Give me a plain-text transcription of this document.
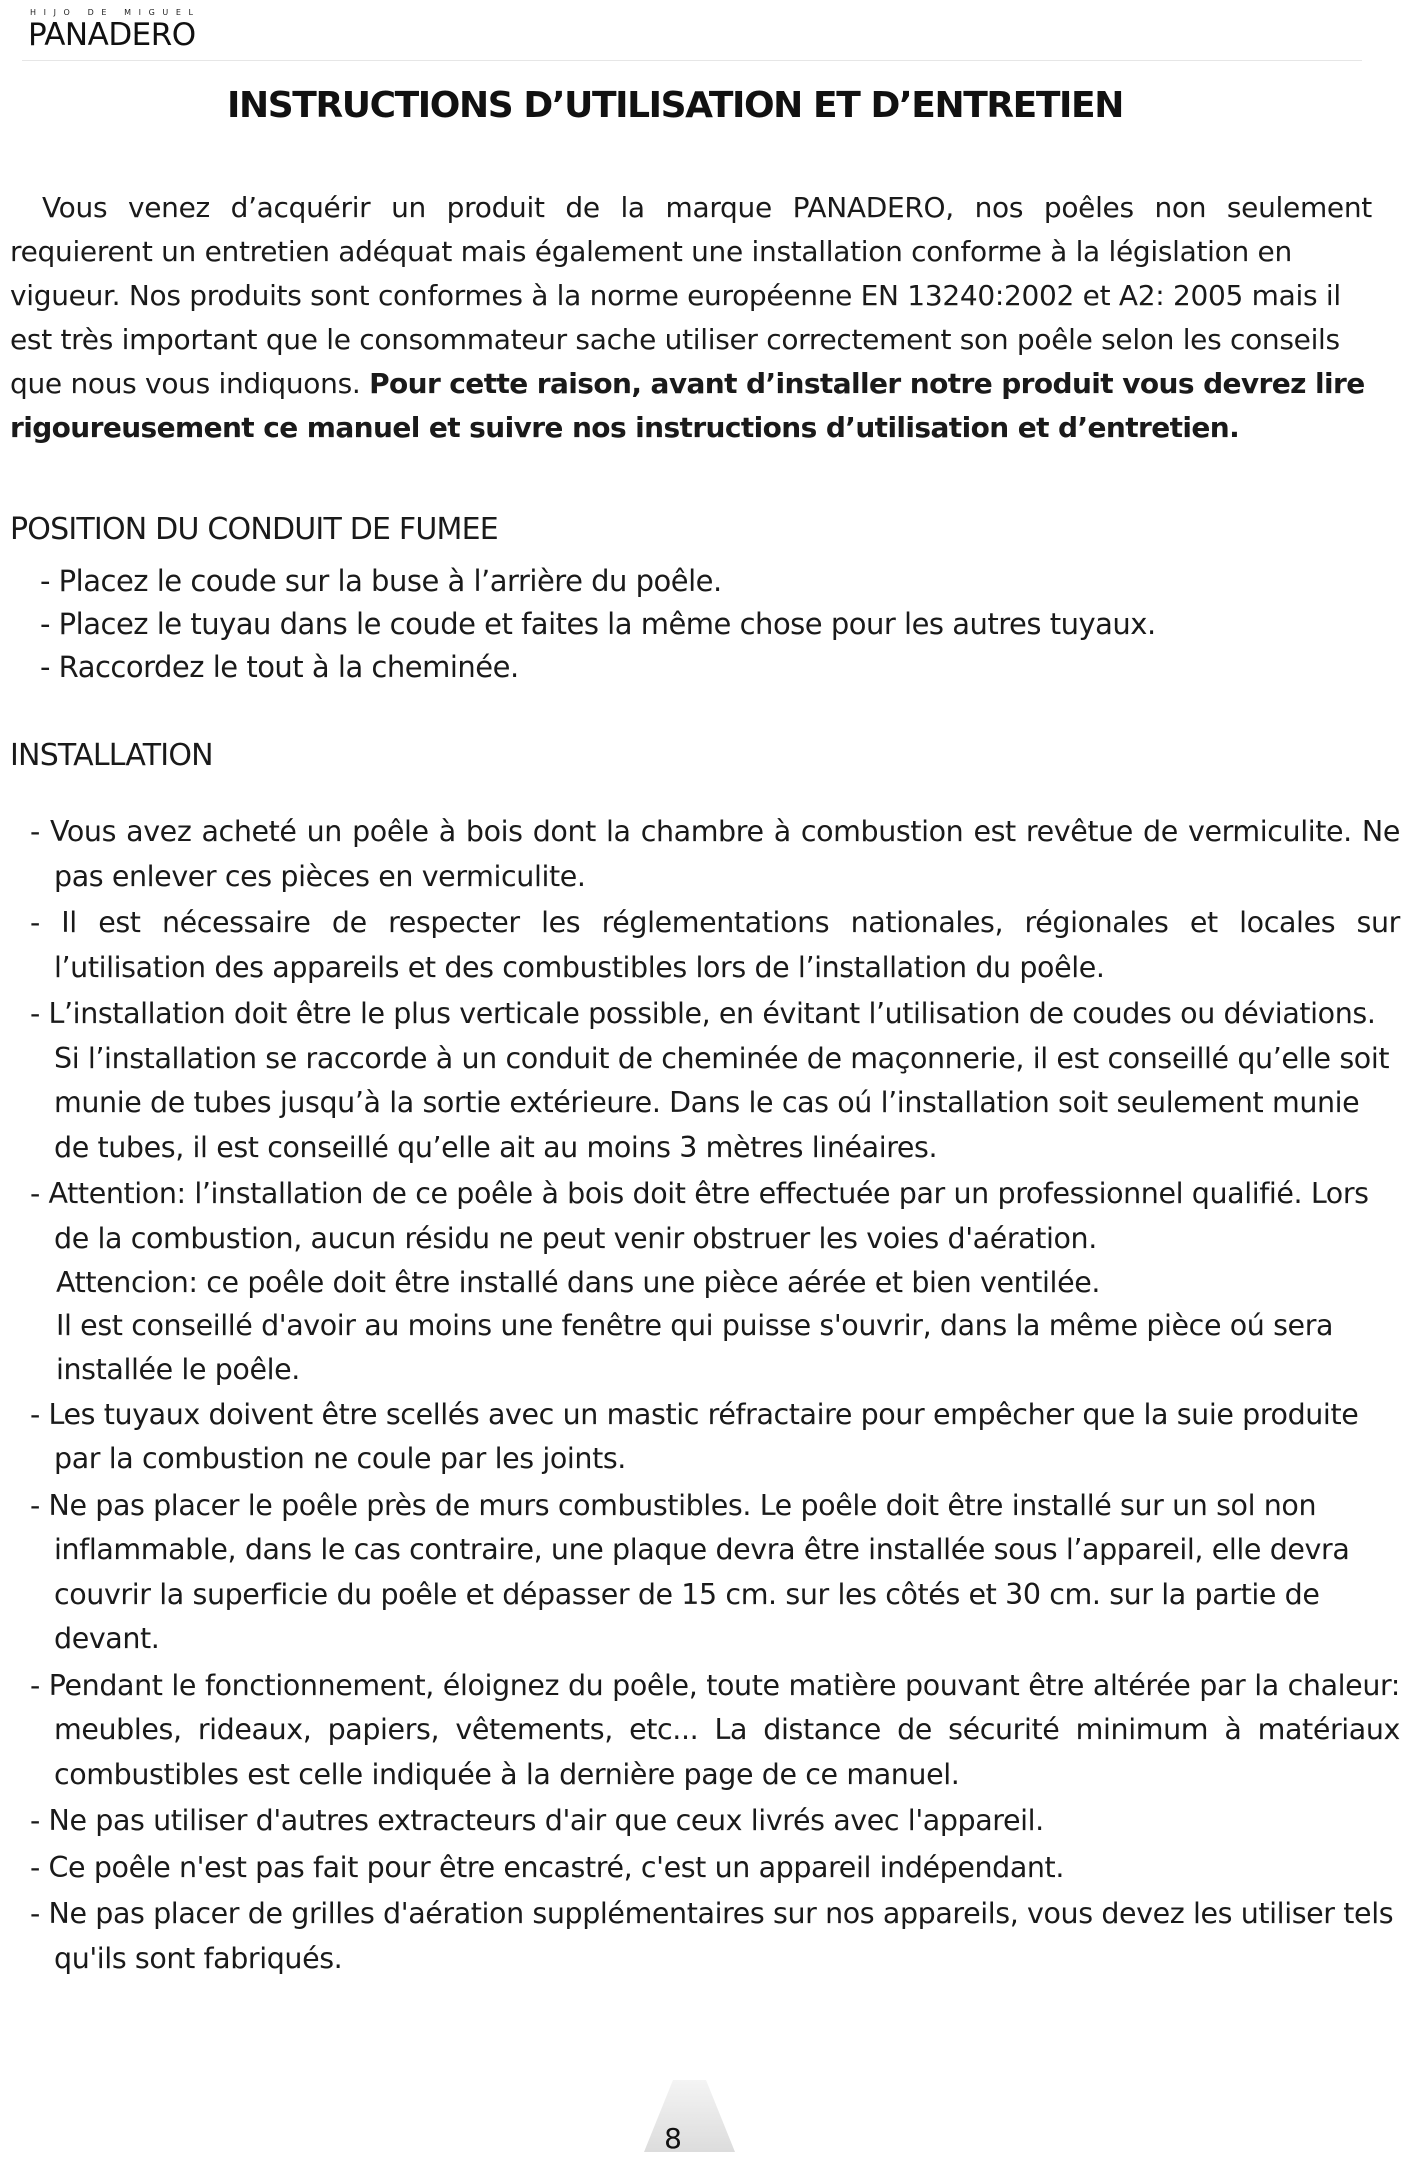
HIJO DE MIGUEL
PANADERO
INSTRUCTIONS D’UTILISATION ET D’ENTRETIEN

Vous venez d’acquérir un produit de la marque PANADERO, nos poêles non seulement
requierent un entretien adéquat mais également une installation conforme à la législation en vigueur. Nos produits sont conformes à la norme européenne EN 13240:2002 et A2: 2005 mais il est très important que le consommateur sache utiliser correctement son poêle selon les conseils que nous vous indiquons. Pour cette raison, avant d’installer notre produit vous devrez lire rigoureusement ce manuel et suivre nos instructions d’utilisation et d’entretien.

POSITION DU CONDUIT DE FUMEE
- Placez le coude sur la buse à l’arrière du poêle.
- Placez le tuyau dans le coude et faites la même chose pour les autres tuyaux.
- Raccordez le tout à la cheminée.
INSTALLATION
- Vous avez acheté un poêle à bois dont la chambre à combustion est revêtue de vermiculite. Ne pas enlever ces pièces en vermiculite.
- Il est nécessaire de respecter les réglementations nationales, régionales et locales sur l’utilisation des appareils et des combustibles lors de l’installation du poêle.
- L’installation doit être le plus verticale possible, en évitant l’utilisation de coudes ou déviations. Si l’installation se raccorde à un conduit de cheminée de maçonnerie, il est conseillé qu’elle soit munie de tubes jusqu’à la sortie extérieure. Dans le cas oú l’installation soit seulement munie de tubes, il est conseillé qu’elle ait au moins 3 mètres linéaires.
- Attention: l’installation de ce poêle à bois doit être effectuée par un professionnel qualifié. Lors de la combustion, aucun résidu ne peut venir obstruer les voies d'aération.
Attencion: ce poêle doit être installé dans une pièce aérée et bien ventilée.
Il est conseillé d'avoir au moins une fenêtre qui puisse s'ouvrir, dans la même pièce oú sera installée le poêle.
- Les tuyaux doivent être scellés avec un mastic réfractaire pour empêcher que la suie produite par la combustion ne coule par les joints.
- Ne pas placer le poêle près de murs combustibles. Le poêle doit être installé sur un sol non inflammable, dans le cas contraire, une plaque devra être installée sous l’appareil, elle devra couvrir la superficie du poêle et dépasser de 15 cm. sur les côtés et 30 cm. sur la partie de devant.
- Pendant le fonctionnement, éloignez du poêle, toute matière pouvant être altérée par la chaleur: meubles, rideaux, papiers, vêtements, etc... La distance de sécurité minimum à matériaux combustibles est celle indiquée à la dernière page de ce manuel.
- Ne pas utiliser d'autres extracteurs d'air que ceux livrés avec l'appareil.
- Ce poêle n'est pas fait pour être encastré, c'est un appareil indépendant.
- Ne pas placer de grilles d'aération supplémentaires sur nos appareils, vous devez les utiliser tels qu'ils sont fabriqués.
8
